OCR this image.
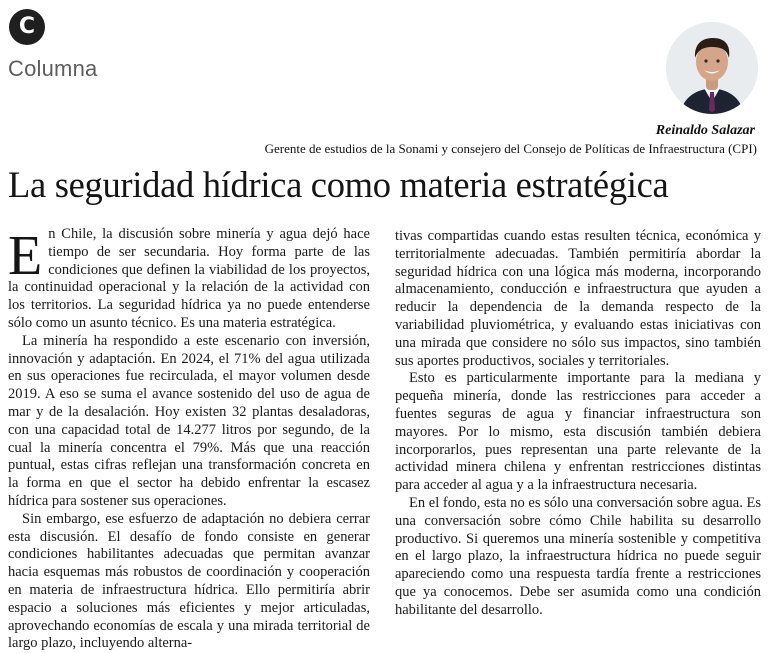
C
Columna
Reinaldo Salazar
Gerente de estudios de la Sonami y consejero del Consejo de Políticas de Infraestructura (CPI)
La seguridad hídrica como materia estratégica

En Chile, la discusión sobre minería y agua dejó hace tiempo de ser secundaria. Hoy forma parte de las condiciones que definen la viabilidad de los proyectos, la continuidad operacional y la relación de la actividad con los territorios. La seguridad hídrica ya no puede entenderse sólo como un asunto técnico. Es una materia estratégica.

La minería ha respondido a este escenario con inversión, innovación y adaptación. En 2024, el 71% del agua utilizada en sus operaciones fue recirculada, el mayor volumen desde 2019. A eso se suma el avance sostenido del uso de agua de mar y de la desalación. Hoy existen 32 plantas desaladoras, con una capacidad total de 14.277 litros por segundo, de la cual la minería concentra el 79%. Más que una reacción puntual, estas cifras reflejan una transformación concreta en la forma en que el sector ha debido enfrentar la escasez hídrica para sostener sus operaciones.

Sin embargo, ese esfuerzo de adaptación no debiera cerrar esta discusión. El desafío de fondo consiste en generar condiciones habilitantes adecuadas que permitan avanzar hacia esquemas más robustos de coordinación y cooperación en materia de infraestructura hídrica. Ello permitiría abrir espacio a soluciones más eficientes y mejor articuladas, aprovechando economías de escala y una mirada territorial de largo plazo, incluyendo alterna-

tivas compartidas cuando estas resulten técnica, económica y territorialmente adecuadas. También permitiría abordar la seguridad hídrica con una lógica más moderna, incorporando almacenamiento, conducción e infraestructura que ayuden a reducir la dependencia de la demanda respecto de la variabilidad pluviométrica, y evaluando estas iniciativas con una mirada que considere no sólo sus impactos, sino también sus aportes productivos, sociales y territoriales.

Esto es particularmente importante para la mediana y pequeña minería, donde las restricciones para acceder a fuentes seguras de agua y financiar infraestructura son mayores. Por lo mismo, esta discusión también debiera incorporarlos, pues representan una parte relevante de la actividad minera chilena y enfrentan restricciones distintas para acceder al agua y a la infraestructura necesaria.

En el fondo, esta no es sólo una conversación sobre agua. Es una conversación sobre cómo Chile habilita su desarrollo productivo. Si queremos una minería sostenible y competitiva en el largo plazo, la infraestructura hídrica no puede seguir apareciendo como una respuesta tardía frente a restricciones que ya conocemos. Debe ser asumida como una condición habilitante del desarrollo.
